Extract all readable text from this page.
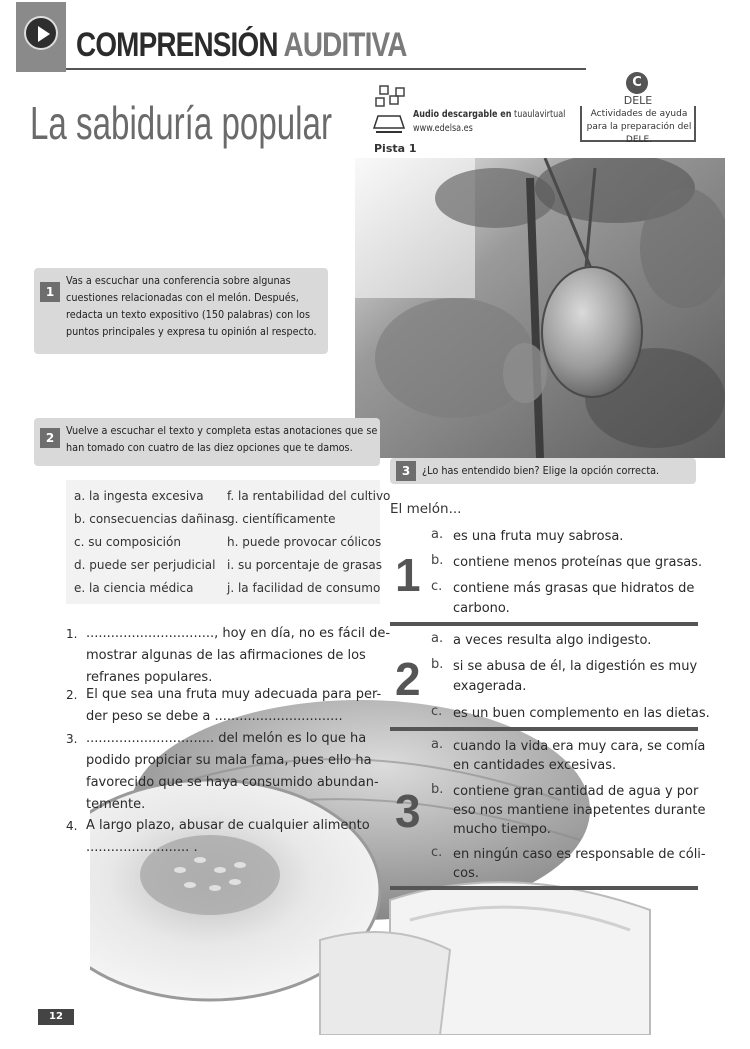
COMPRENSIÓN AUDITIVA
La sabiduría popular	Pista 1
Audio descargable en tuaulavirtual
www.edelsa.es
C
DELE
Actividades de ayuda para la preparación del DELE.
1
Vas a escuchar una conferencia sobre algunas cuestiones relacionadas con el melón. Después, redacta un texto expositivo (150 palabras) con los puntos principales y expresa tu opinión al respecto.
2
Vuelve a escuchar el texto y completa estas anotaciones que se han tomado con cuatro de las diez opciones que te damos.
a. la ingesta excesiva
b. consecuencias dañinas
c. su composición
d. puede ser perjudicial
e. la ciencia médica
f. la rentabilidad del cultivo
g. científicamente
h. puede provocar cólicos
i. su porcentaje de grasas
j. la facilidad de consumo
1. ..............................., hoy en día, no es fácil de-
mostrar algunas de las afirmaciones de los
refranes populares.
2. El que sea una fruta muy adecuada para per-
der peso se debe a ...............................
3. ............................... del melón es lo que ha
podido propiciar su mala fama, pues ello ha
favorecido que se haya consumido abundan-
temente.
4. A largo plazo, abusar de cualquier alimento
......................... .
3	¿Lo has entendido bien? Elige la opción correcta.
El melón...
1
a. es una fruta muy sabrosa.
b. contiene menos proteínas que grasas.
c. contiene más grasas que hidratos de
carbono.
2
a. a veces resulta algo indigesto.
b. si se abusa de él, la digestión es muy
exagerada.
c. es un buen complemento en las dietas.
3
a. cuando la vida era muy cara, se comía
en cantidades excesivas.
b. contiene gran cantidad de agua y por
eso nos mantiene inapetentes durante
mucho tiempo.
c. en ningún caso es responsable de cóli-
cos.
12
